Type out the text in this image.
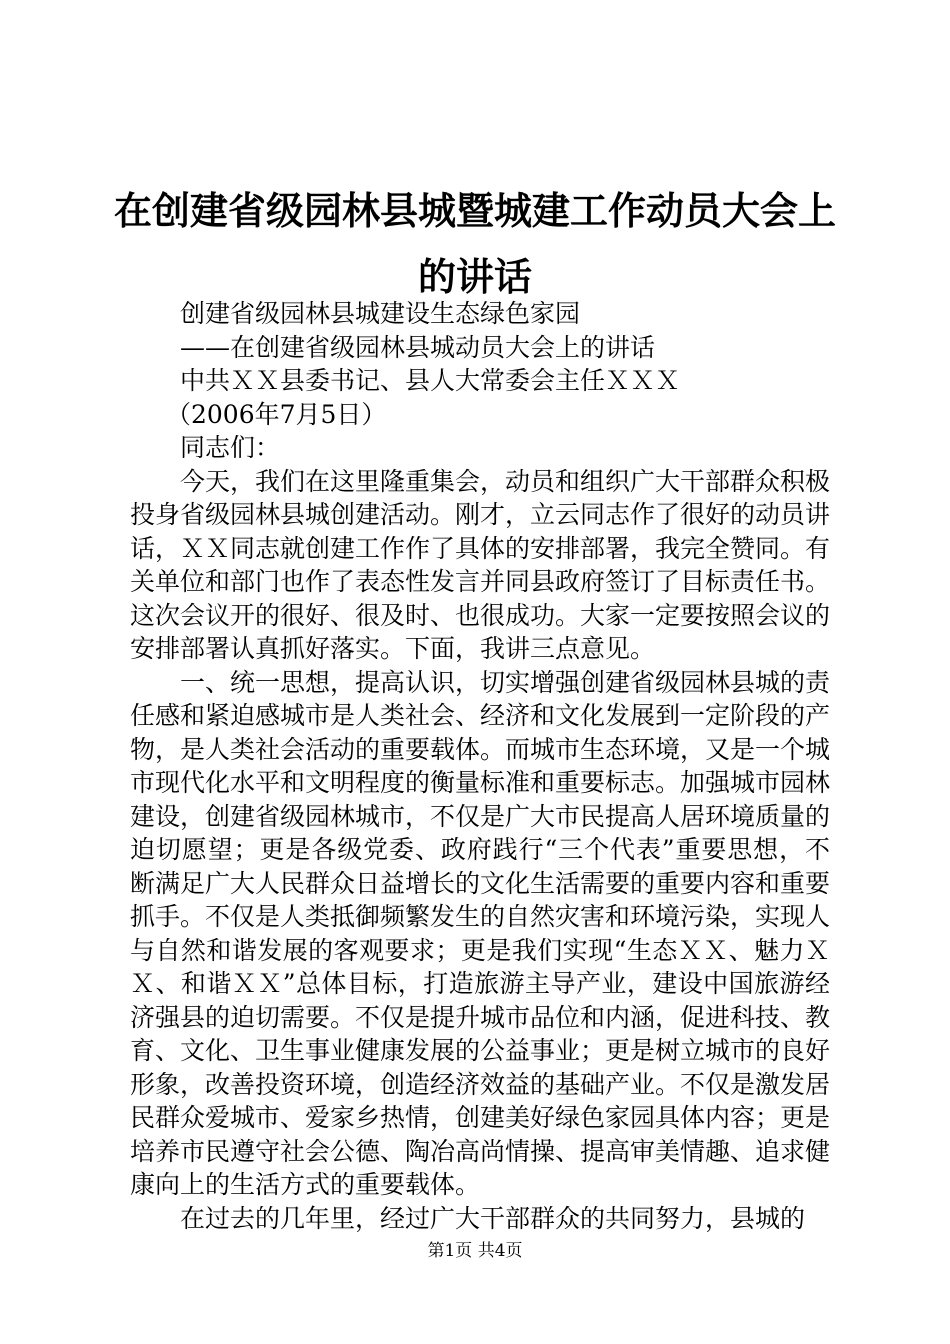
在创建省级园林县城暨城建工作动员大会上的讲话
创建省级园林县城建设生态绿色家园
——在创建省级园林县城动员大会上的讲话
中共ＸＸ县委书记、县人大常委会主任ＸＸＸ
（2006年7月5日）
同志们：

今天，我们在这里隆重集会，动员和组织广大干部群众积极投身省级园林县城创建活动。刚才，立云同志作了很好的动员讲话，ＸＸ同志就创建工作作了具体的安排部署，我完全赞同。有关单位和部门也作了表态性发言并同县政府签订了目标责任书。这次会议开的很好、很及时、也很成功。大家一定要按照会议的安排部署认真抓好落实。下面，我讲三点意见。

一、统一思想，提高认识，切实增强创建省级园林县城的责任感和紧迫感城市是人类社会、经济和文化发展到一定阶段的产物，是人类社会活动的重要载体。而城市生态环境，又是一个城市现代化水平和文明程度的衡量标准和重要标志。加强城市园林建设，创建省级园林城市，不仅是广大市民提高人居环境质量的迫切愿望；更是各级党委、政府践行“三个代表”重要思想，不断满足广大人民群众日益增长的文化生活需要的重要内容和重要抓手。不仅是人类抵御频繁发生的自然灾害和环境污染，实现人与自然和谐发展的客观要求；更是我们实现“生态ＸＸ、魅力ＸＸ、和谐ＸＸ”总体目标，打造旅游主导产业，建设中国旅游经济强县的迫切需要。不仅是提升城市品位和内涵，促进科技、教育、文化、卫生事业健康发展的公益事业；更是树立城市的良好形象，改善投资环境，创造经济效益的基础产业。不仅是激发居民群众爱城市、爱家乡热情，创建美好绿色家园具体内容；更是培养市民遵守社会公德、陶冶高尚情操、提高审美情趣、追求健康向上的生活方式的重要载体。

在过去的几年里，经过广大干部群众的共同努力，县城的

第1页 共4页
